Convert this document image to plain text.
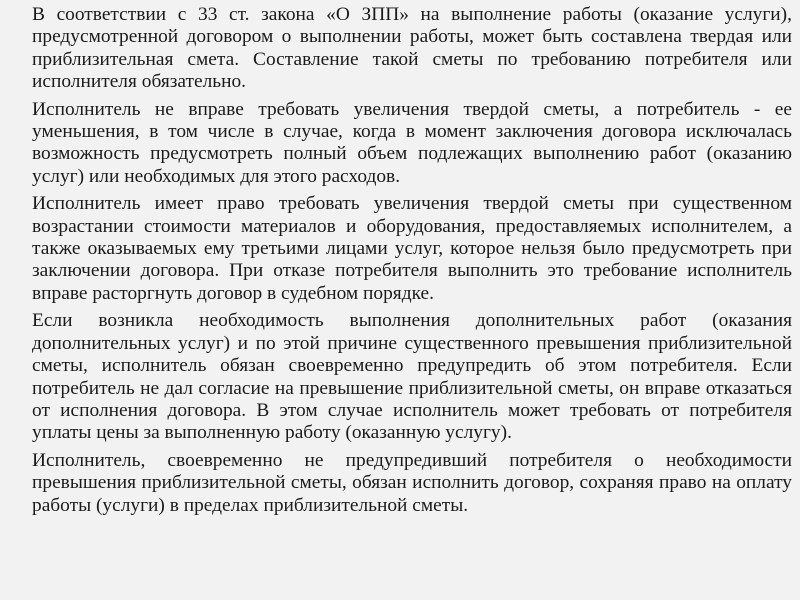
В соответствии с 33 ст. закона «О ЗПП» на выполнение работы (оказание услуги), предусмотренной договором о выполнении работы, может быть составлена твердая или приблизительная смета. Составление такой сметы по требованию потребителя или исполнителя обязательно.

Исполнитель не вправе требовать увеличения твердой сметы, а потребитель - ее уменьшения, в том числе в случае, когда в момент заключения договора исключалась возможность предусмотреть полный объем подлежащих выполнению работ (оказанию услуг) или необходимых для этого расходов.

Исполнитель имеет право требовать увеличения твердой сметы при существенном возрастании стоимости материалов и оборудования, предоставляемых исполнителем, а также оказываемых ему третьими лицами услуг, которое нельзя было предусмотреть при заключении договора. При отказе потребителя выполнить это требование исполнитель вправе расторгнуть договор в судебном порядке.

Если возникла необходимость выполнения дополнительных работ (оказания дополнительных услуг) и по этой причине существенного превышения приблизительной сметы, исполнитель обязан своевременно предупредить об этом потребителя. Если потребитель не дал согласие на превышение приблизительной сметы, он вправе отказаться от исполнения договора. В этом случае исполнитель может требовать от потребителя уплаты цены за выполненную работу (оказанную услугу).

Исполнитель, своевременно не предупредивший потребителя о необходимости превышения приблизительной сметы, обязан исполнить договор, сохраняя право на оплату работы (услуги) в пределах приблизительной сметы.
